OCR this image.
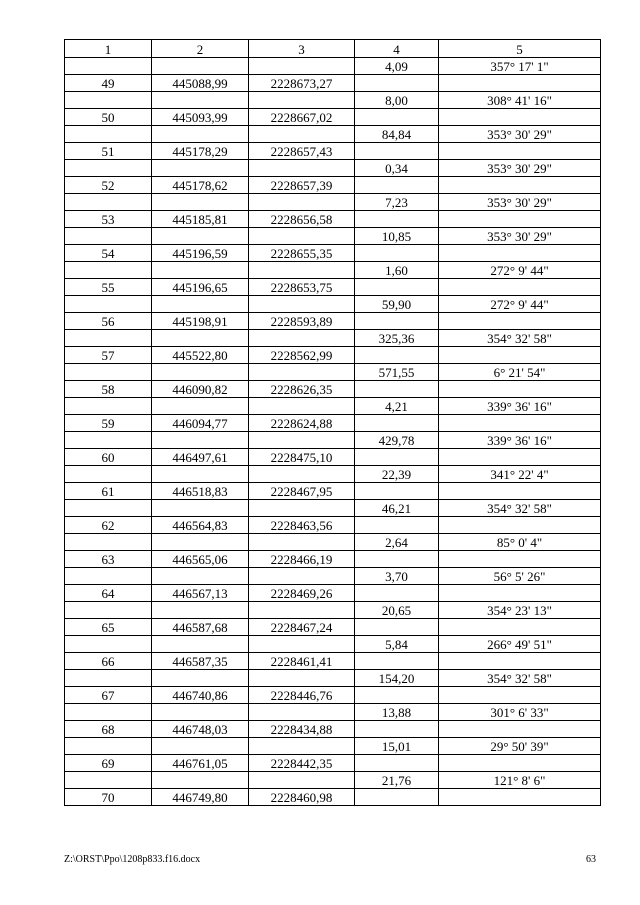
1	2	3	4	5
			4,09	357° 17' 1"
49	445088,99	2228673,27		
			8,00	308° 41' 16"
50	445093,99	2228667,02		
			84,84	353° 30' 29"
51	445178,29	2228657,43		
			0,34	353° 30' 29"
52	445178,62	2228657,39		
			7,23	353° 30' 29"
53	445185,81	2228656,58		
			10,85	353° 30' 29"
54	445196,59	2228655,35		
			1,60	272° 9' 44"
55	445196,65	2228653,75		
			59,90	272° 9' 44"
56	445198,91	2228593,89		
			325,36	354° 32' 58"
57	445522,80	2228562,99		
			571,55	6° 21' 54"
58	446090,82	2228626,35		
			4,21	339° 36' 16"
59	446094,77	2228624,88		
			429,78	339° 36' 16"
60	446497,61	2228475,10		
			22,39	341° 22' 4"
61	446518,83	2228467,95		
			46,21	354° 32' 58"
62	446564,83	2228463,56		
			2,64	85° 0' 4"
63	446565,06	2228466,19		
			3,70	56° 5' 26"
64	446567,13	2228469,26		
			20,65	354° 23' 13"
65	446587,68	2228467,24		
			5,84	266° 49' 51"
66	446587,35	2228461,41		
			154,20	354° 32' 58"
67	446740,86	2228446,76		
			13,88	301° 6' 33"
68	446748,03	2228434,88		
			15,01	29° 50' 39"
69	446761,05	2228442,35		
			21,76	121° 8' 6"
70	446749,80	2228460,98		
Z:\ORST\Ppo\1208p833.f16.docx	63
